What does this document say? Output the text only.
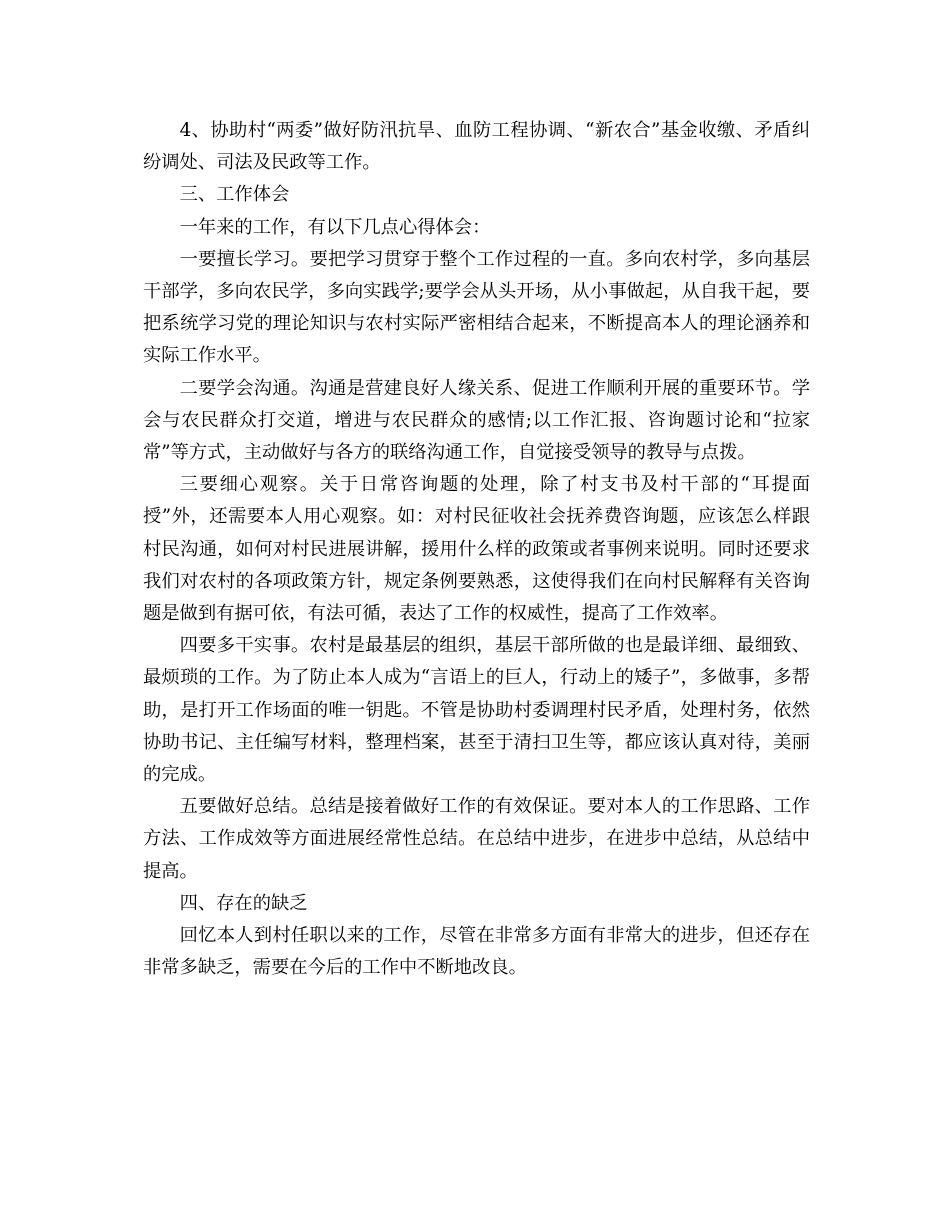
4、协助村“两委”做好防汛抗旱、血防工程协调、“新农合”基金收缴、矛盾纠纷调处、司法及民政等工作。

三、工作体会

一年来的工作，有以下几点心得体会：

一要擅长学习。要把学习贯穿于整个工作过程的一直。多向农村学，多向基层干部学，多向农民学，多向实践学;要学会从头开场，从小事做起，从自我干起，要把系统学习党的理论知识与农村实际严密相结合起来，不断提高本人的理论涵养和实际工作水平。

二要学会沟通。沟通是营建良好人缘关系、促进工作顺利开展的重要环节。学会与农民群众打交道，增进与农民群众的感情;以工作汇报、咨询题讨论和“拉家常”等方式，主动做好与各方的联络沟通工作，自觉接受领导的教导与点拨。

三要细心观察。关于日常咨询题的处理，除了村支书及村干部的“耳提面授”外，还需要本人用心观察。如：对村民征收社会抚养费咨询题，应该怎么样跟村民沟通，如何对村民进展讲解，援用什么样的政策或者事例来说明。同时还要求我们对农村的各项政策方针，规定条例要熟悉，这使得我们在向村民解释有关咨询题是做到有据可依，有法可循，表达了工作的权威性，提高了工作效率。

四要多干实事。农村是最基层的组织，基层干部所做的也是最详细、最细致、最烦琐的工作。为了防止本人成为“言语上的巨人，行动上的矮子”，多做事，多帮助，是打开工作场面的唯一钥匙。不管是协助村委调理村民矛盾，处理村务，依然协助书记、主任编写材料，整理档案，甚至于清扫卫生等，都应该认真对待，美丽的完成。

五要做好总结。总结是接着做好工作的有效保证。要对本人的工作思路、工作方法、工作成效等方面进展经常性总结。在总结中进步，在进步中总结，从总结中提高。

四、存在的缺乏

回忆本人到村任职以来的工作，尽管在非常多方面有非常大的进步，但还存在非常多缺乏，需要在今后的工作中不断地改良。
